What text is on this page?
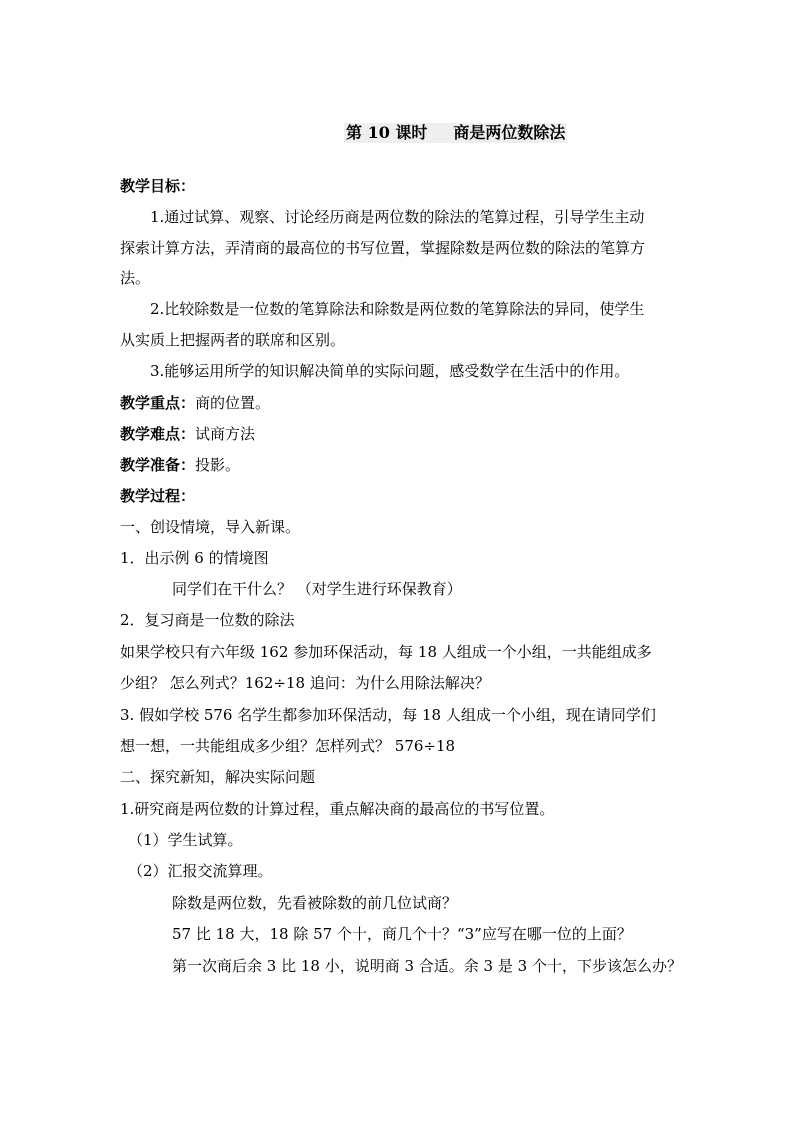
第 10 课时 商是两位数除法
教学目标：
1.通过试算、观察、讨论经历商是两位数的除法的笔算过程，引导学生主动
探索计算方法，弄清商的最高位的书写位置，掌握除数是两位数的除法的笔算方
法。
2.比较除数是一位数的笔算除法和除数是两位数的笔算除法的异同，使学生
从实质上把握两者的联席和区别。
3.能够运用所学的知识解决简单的实际问题，感受数学在生活中的作用。
教学重点：商的位置。
教学难点：试商方法
教学准备：投影。
教学过程：
一、创设情境，导入新课。
1．出示例 6 的情境图
同学们在干什么？ （对学生进行环保教育）
2．复习商是一位数的除法
如果学校只有六年级 162 参加环保活动，每 18 人组成一个小组，一共能组成多
少组？ 怎么列式？162÷18 追问：为什么用除法解决？
3. 假如学校 576 名学生都参加环保活动，每 18 人组成一个小组，现在请同学们
想一想，一共能组成多少组？怎样列式？ 576÷18
二、探究新知，解决实际问题
1.研究商是两位数的计算过程，重点解决商的最高位的书写位置。
（1）学生试算。
（2）汇报交流算理。
除数是两位数，先看被除数的前几位试商？
57 比 18 大，18 除 57 个十，商几个十？“3”应写在哪一位的上面？
第一次商后余 3 比 18 小，说明商 3 合适。余 3 是 3 个十，下步该怎么办？
